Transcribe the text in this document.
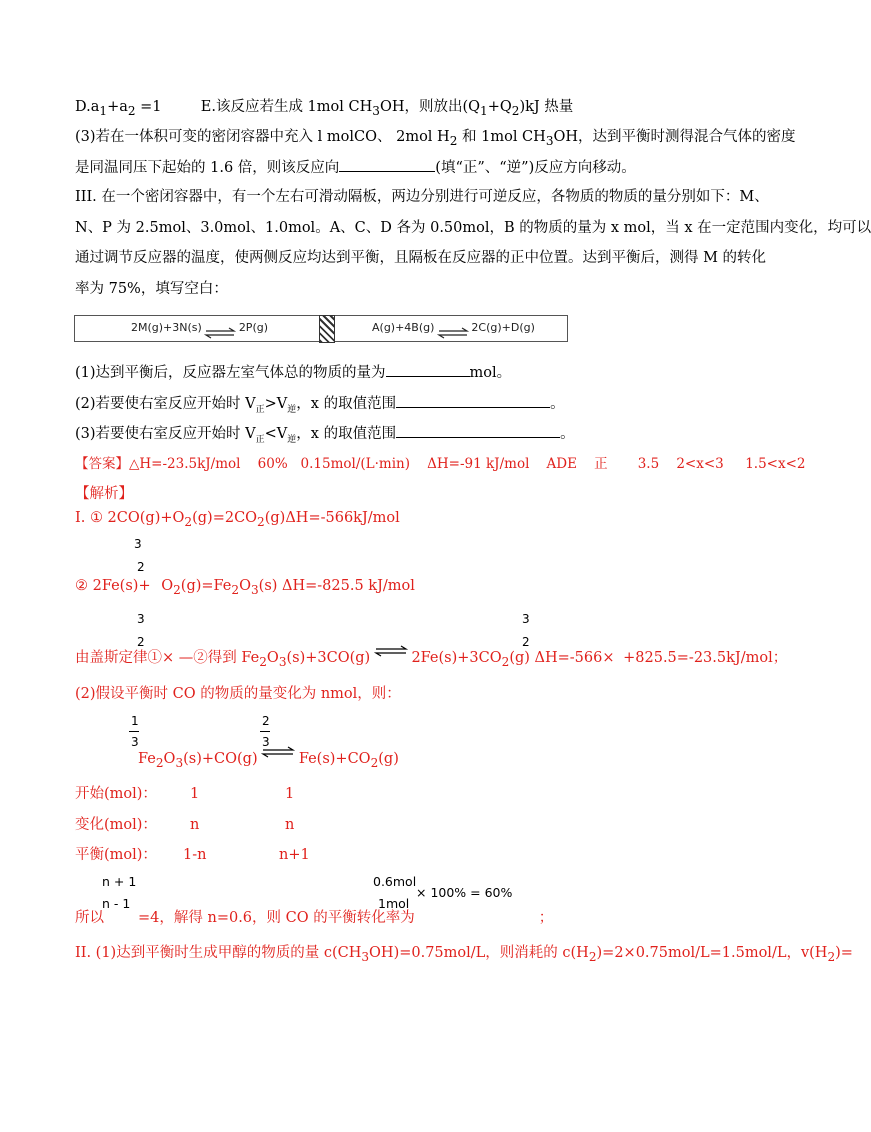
$D.a_1+a_2 =1$	E.该反应若生成 1mol $CH_3OH$，则放出$(Q_1+Q_2)kJ$ 热量
(3)若在一体积可变的密闭容器中充入 l molCO、 2mol $H_2$ 和 1mol $CH_3OH$，达到平衡时测得混合气体的密度
是同温同压下起始的 1.6 倍，则该反应向	(填“正”、“逆”)反应方向移动。
III. 在一个密闭容器中，有一个左右可滑动隔板，两边分别进行可逆反应，各物质的物质的量分别如下：M、
N、P 为 2.5mol、3.0mol、1.0mol。A、C、D 各为 0.50mol，B 的物质的量为 x mol，当 x 在一定范围内变化，均可以
通过调节反应器的温度，使两侧反应均达到平衡，且隔板在反应器的正中位置。达到平衡后，测得 M 的转化
率为 75%，填写空白：
2M(g)+3N(s) ⇌ 2P(g)	A(g)+4B(g) ⇌ 2C(g)+D(g)
(1)达到平衡后，反应器左室气体总的物质的量为	mol。
(2)若要使右室反应开始时 $V_正>V_逆$，x 的取值范围	。
(3)若要使右室反应开始时 $V_正<V_逆$，x 的取值范围	。
【答案】△H=-23.5kJ/mol    60%   0.15mol/(L·min)    ΔH=-91 kJ/mol    ADE    正       3.5    2<x<3     1.5<x<2
【解析】
I. ① $2CO(g)+O_2(g)=2CO_2(g)\Delta H=-566kJ$/mol
3
2
② $2Fe(s)+ O_2(g)=Fe_2O_3(s)$ ΔH=-825.5 kJ/mol
3
2
3
2
由盖斯定律①× —②得到 $Fe_2O_3(s)+3CO(g)$	$2Fe(s)+3CO_2(g)$ ΔH=-566× +825.5=-23.5kJ/mol；
(2)假设平衡时 CO 的物质的量变化为 nmol，则：
1
3
2
3
$Fe_2O_3(s)+CO(g)$	$Fe(s)+CO_2(g)$
开始(mol)： 1	1
变化(mol)： n	n
平衡(mol)： 1-n	n+1
n + 1
n - 1
0.6mol
1mol
× 100% = 60%
所以 =4，解得 n=0.6，则 CO 的平衡转化率为	；
II. (1)达到平衡时生成甲醇的物质的量 $c(CH_3OH)=0.75mol/L$，则消耗的 $c(H_2)=2\times 0.75mol/L=1.5mol/L$，$v(H_2)=$
